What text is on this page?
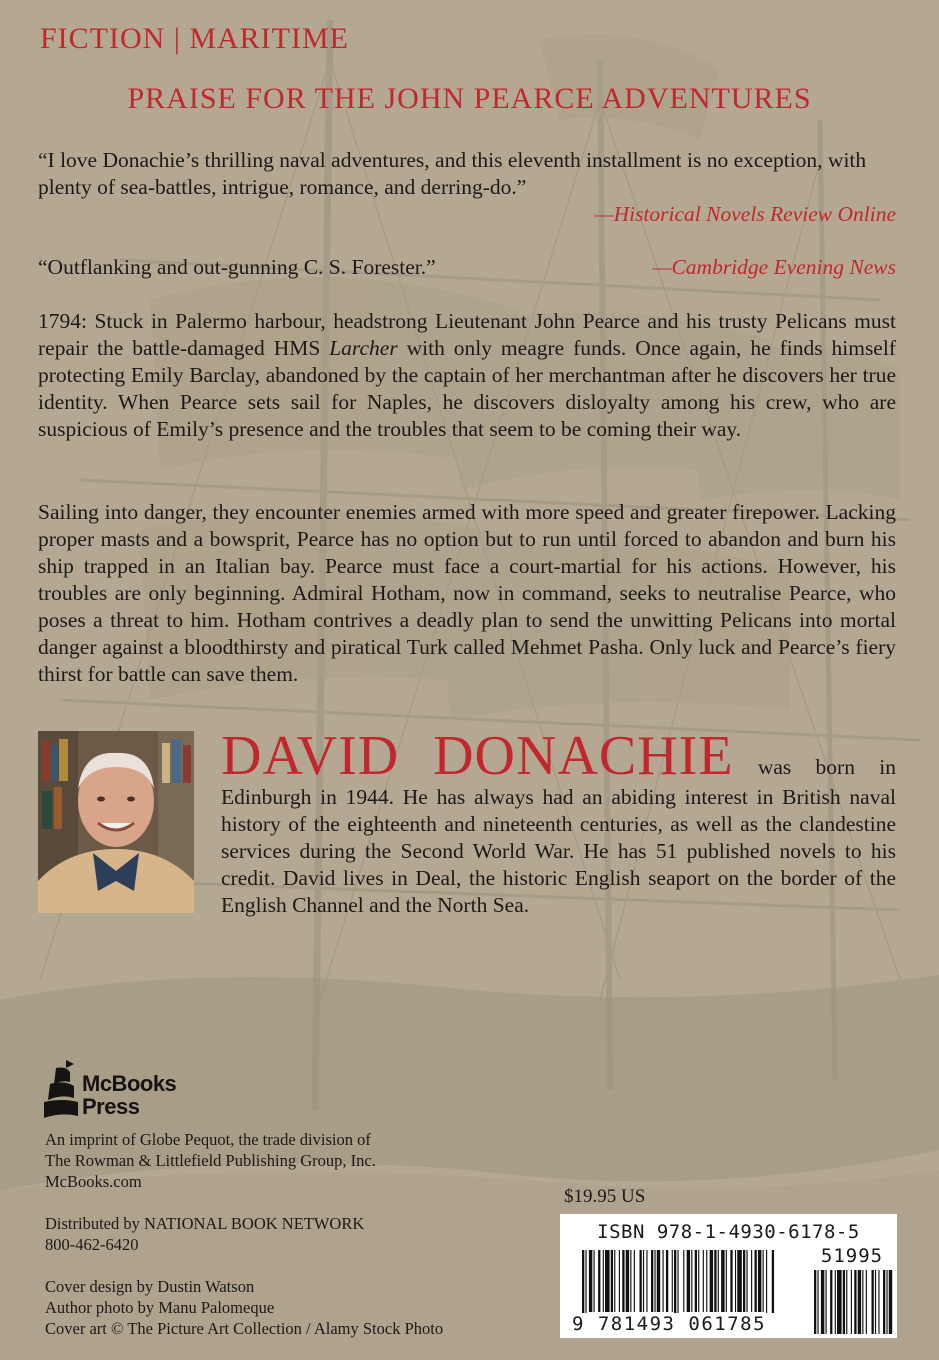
FICTION | MARITIME
PRAISE FOR THE JOHN PEARCE ADVENTURES
“I love Donachie’s thrilling naval adventures, and this eleventh installment is no exception, with plenty of sea-battles, intrigue, romance, and derring-do.”
—Historical Novels Review Online
“Outflanking and out-gunning C. S. Forester.”	—Cambridge Evening News
1794: Stuck in Palermo harbour, headstrong Lieutenant John Pearce and his trusty Pelicans must repair the battle-damaged HMS Larcher with only meagre funds. Once again, he finds himself protecting Emily Barclay, abandoned by the captain of her merchantman after he discovers her true identity. When Pearce sets sail for Naples, he discovers disloyalty among his crew, who are suspicious of Emily’s presence and the troubles that seem to be coming their way.
Sailing into danger, they encounter enemies armed with more speed and greater firepower. Lacking proper masts and a bowsprit, Pearce has no option but to run until forced to abandon and burn his ship trapped in an Italian bay. Pearce must face a court-martial for his actions. However, his troubles are only beginning. Admiral Hotham, now in command, seeks to neutralise Pearce, who poses a threat to him. Hotham contrives a deadly plan to send the unwitting Pelicans into mortal danger against a bloodthirsty and piratical Turk called Mehmet Pasha. Only luck and Pearce’s fiery thirst for battle can save them.
DAVID DONACHIE was born in Edinburgh in 1944. He has always had an abiding interest in British naval history of the eighteenth and nineteenth centuries, as well as the clandestine services during the Second World War. He has 51 published novels to his credit. David lives in Deal, the historic English seaport on the border of the English Channel and the North Sea.
McBooks
Press
An imprint of Globe Pequot, the trade division of
The Rowman & Littlefield Publishing Group, Inc.
McBooks.com
Distributed by NATIONAL BOOK NETWORK
800-462-6420
Cover design by Dustin Watson
Author photo by Manu Palomeque
Cover art © The Picture Art Collection / Alamy Stock Photo
$19.95 US
ISBN 978-1-4930-6178-5
51995
9 781493 061785
